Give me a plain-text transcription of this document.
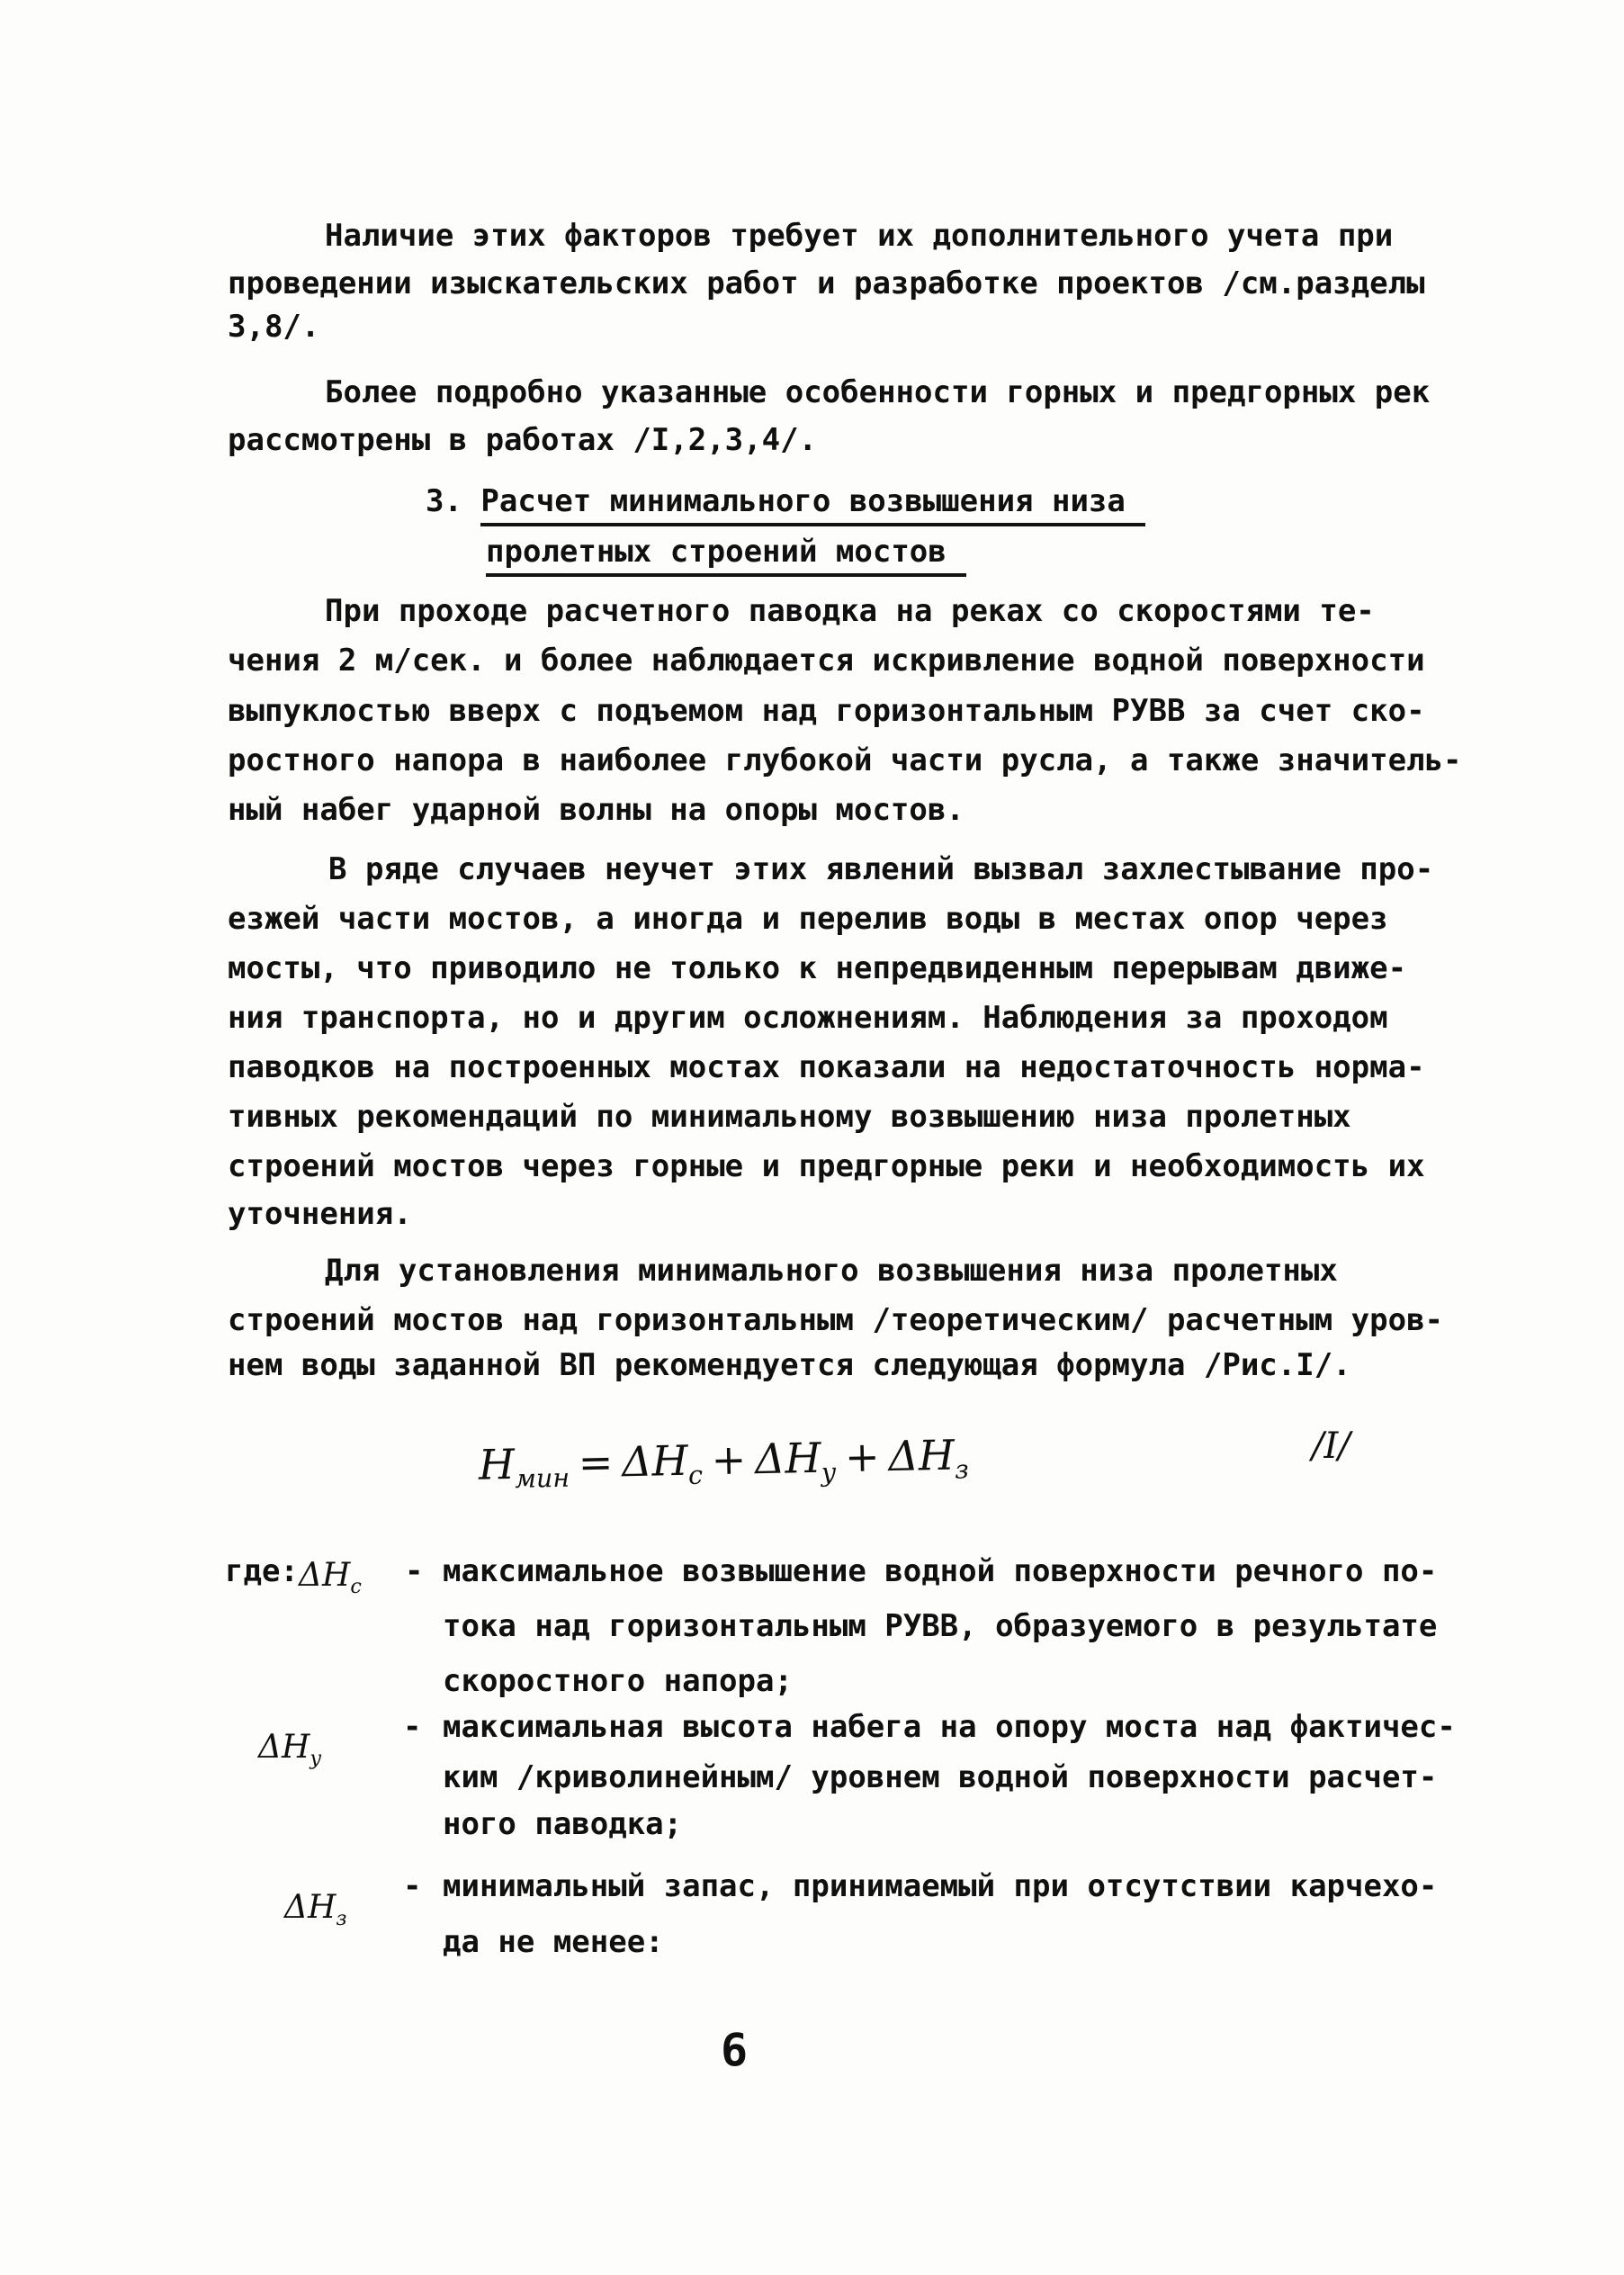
Наличие этих факторов требует их дополнительного учета при
проведении изыскательских работ и разработке проектов /см.разделы
3,8/.
Более подробно указанные особенности горных и предгорных рек
рассмотрены в работах /I,2,3,4/.
3. Расчет минимального возвышения низа
пролетных строений мостов
При проходе расчетного паводка на реках со скоростями те-
чения 2 м/сек. и более наблюдается искривление водной поверхности
выпуклостью вверх с подъемом над горизонтальным РУВВ за счет ско-
ростного напора в наиболее глубокой части русла, а также значитель-
ный набег ударной волны на опоры мостов.
В ряде случаев неучет этих явлений вызвал захлестывание про-
езжей части мостов, а иногда и перелив воды в местах опор через
мосты, что приводило не только к непредвиденным перерывам движе-
ния транспорта, но и другим осложнениям. Наблюдения за проходом
паводков на построенных мостах показали на недостаточность норма-
тивных рекомендаций по минимальному возвышению низа пролетных
строений мостов через горные и предгорные реки и необходимость их
уточнения.
Для установления минимального возвышения низа пролетных
строений мостов над горизонтальным /теоретическим/ расчетным уров-
нем воды заданной ВП рекомендуется следующая формула /Рис.I/.
$Н_{мин} = \Delta Н_с + \Delta Н_у + \Delta Н_з$
/I/
где: $\Delta Н_с$ - максимальное возвышение водной поверхности речного по-
тока над горизонтальным РУВВ, образуемого в результате
скоростного напора;
$\Delta Н_у$
- максимальная высота набега на опору моста над фактичес-
ким /криволинейным/ уровнем водной поверхности расчет-
ного паводка;
$\Delta Н_з$
- минимальный запас, принимаемый при отсутствии карчехо-
да не менее:
6
